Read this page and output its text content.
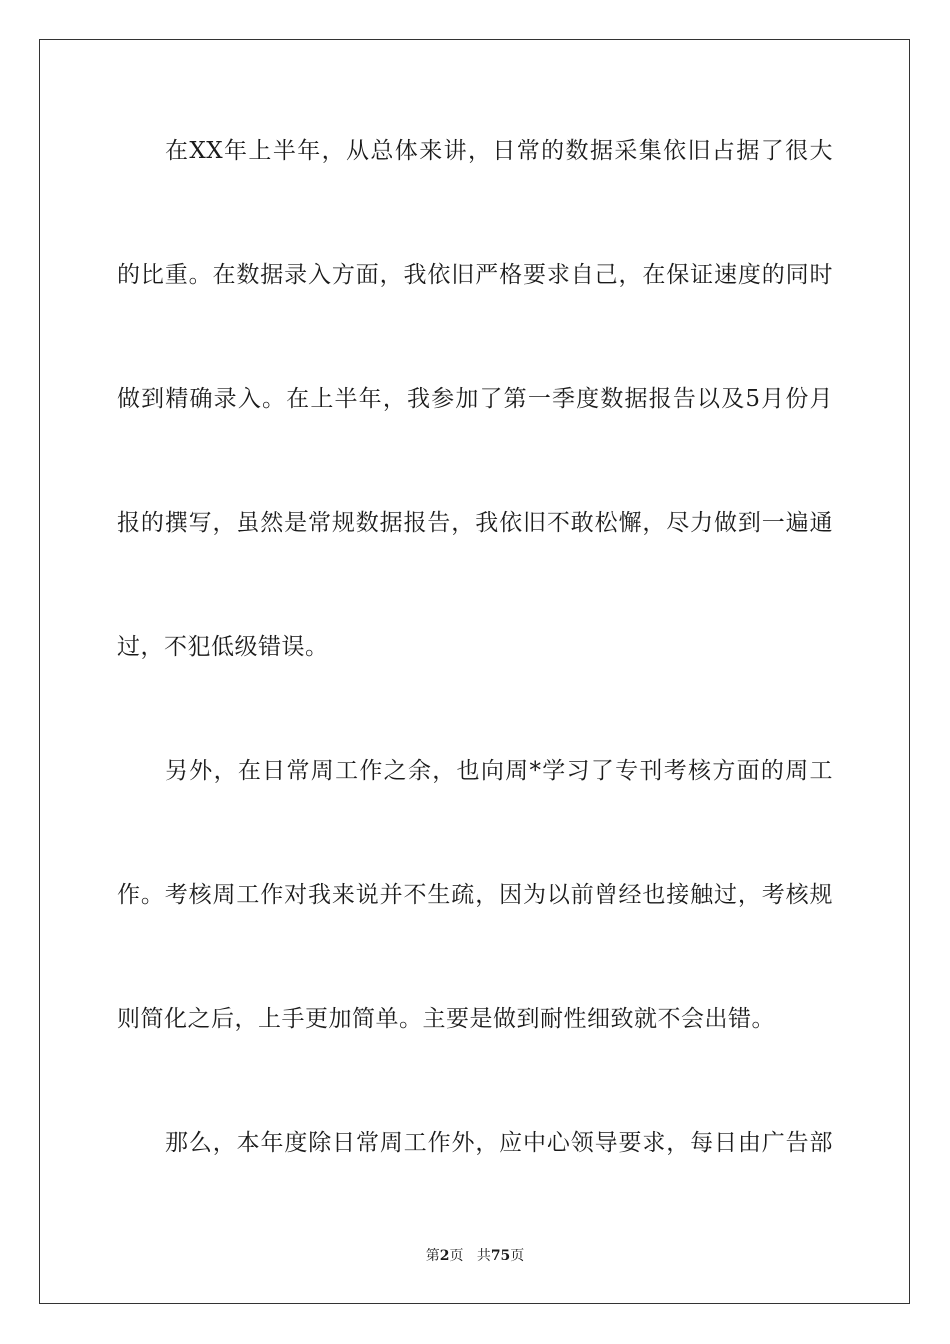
在XX年上半年，从总体来讲，日常的数据采集依旧占据了很大
的比重。在数据录入方面，我依旧严格要求自己，在保证速度的同时
做到精确录入。在上半年，我参加了第一季度数据报告以及5月份月
报的撰写，虽然是常规数据报告，我依旧不敢松懈，尽力做到一遍通
过，不犯低级错误。
另外，在日常周工作之余，也向周*学习了专刊考核方面的周工
作。考核周工作对我来说并不生疏，因为以前曾经也接触过，考核规
则简化之后，上手更加简单。主要是做到耐性细致就不会出错。
那么，本年度除日常周工作外，应中心领导要求，每日由广告部
第2页 共75页
